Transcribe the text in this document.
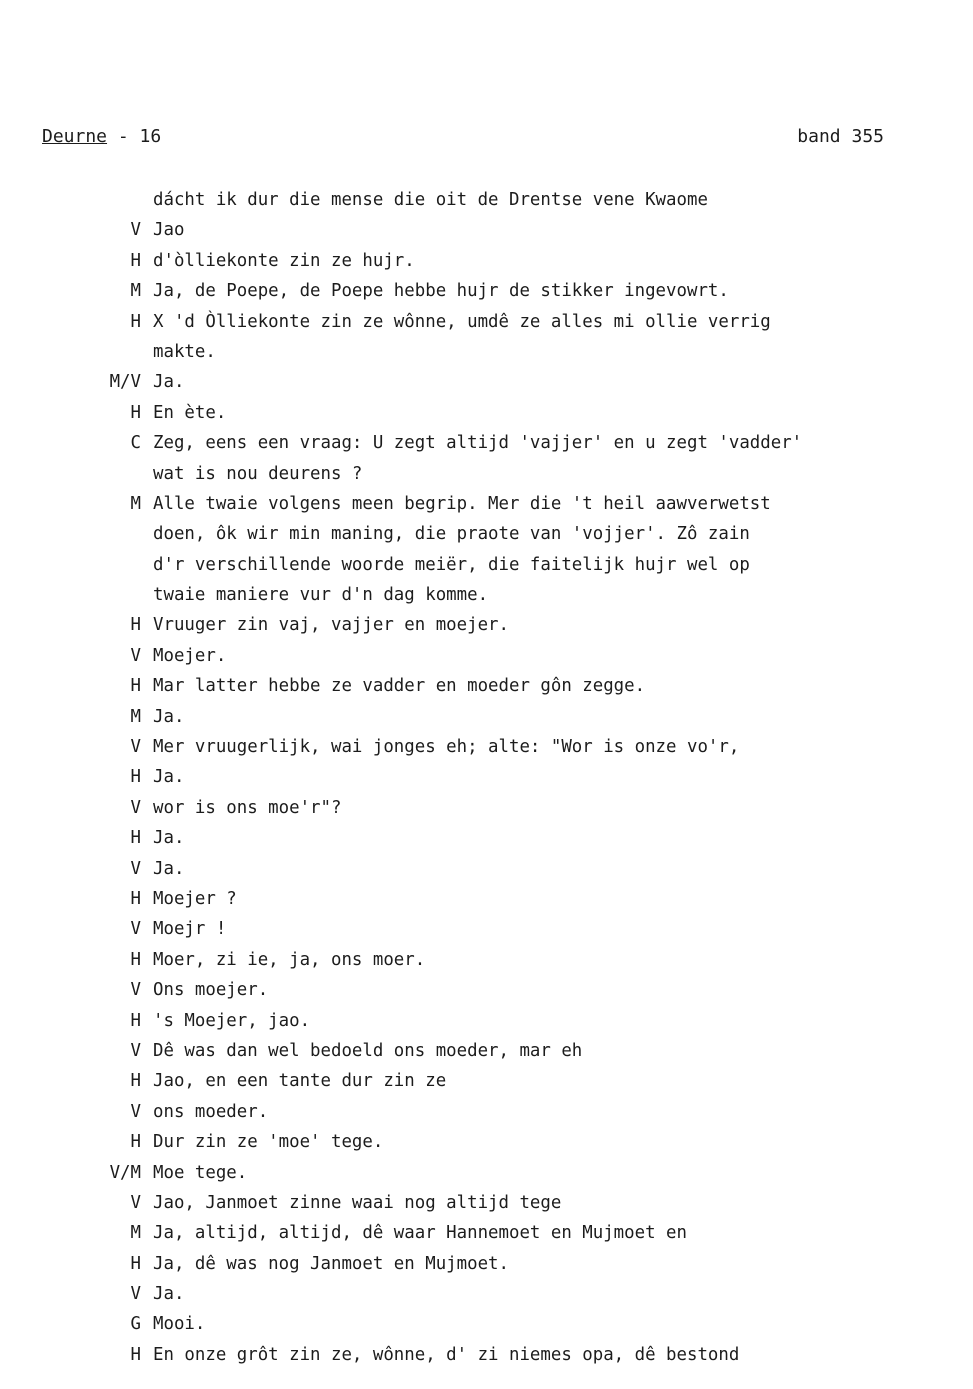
Deurne - 16	band 355
dácht ik dur die mense die oit de Drentse vene Kwaome
V Jao
H d'òlliekonte zin ze hujr.
M Ja, de Poepe, de Poepe hebbe hujr de stikker ingevowrt.
H X 'd Òlliekonte zin ze wônne, umdê ze alles mi ollie verrig
makte.
M/V Ja.
H En ète.
C Zeg, eens een vraag: U zegt altijd 'vajjer' en u zegt 'vadder'
wat is nou deurens ?
M Alle twaie volgens meen begrip. Mer die 't heil aawverwetst
doen, ôk wir min maning, die praote van 'vojjer'. Zô zain
d'r verschillende woorde meiër, die faitelijk hujr wel op
twaie maniere vur d'n dag komme.
H Vruuger zin vaj, vajjer en moejer.
V Moejer.
H Mar latter hebbe ze vadder en moeder gôn zegge.
M Ja.
V Mer vruugerlijk, wai jonges eh; alte: "Wor is onze vo'r,
H Ja.
V wor is ons moe'r"?
H Ja.
V Ja.
H Moejer ?
V Moejr !
H Moer, zi ie, ja, ons moer.
V Ons moejer.
H 's Moejer, jao.
V Dê was dan wel bedoeld ons moeder, mar eh
H Jao, en een tante dur zin ze
V ons moeder.
H Dur zin ze 'moe' tege.
V/M Moe tege.
V Jao, Janmoet zinne waai nog altijd tege
M Ja, altijd, altijd, dê waar Hannemoet en Mujmoet en
H Ja, dê was nog Janmoet en Mujmoet.
V Ja.
G Mooi.
H En onze grôt zin ze, wônne, d' zi niemes opa, dê bestond
